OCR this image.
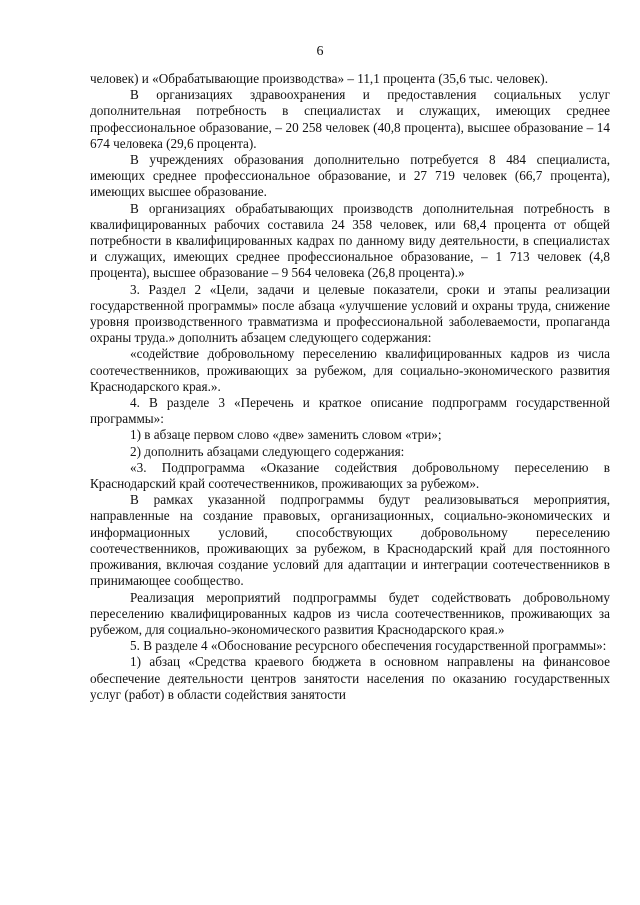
6

человек) и «Обрабатывающие производства» – 11,1 процента (35,6 тыс. человек).

В организациях здравоохранения и предоставления социальных услуг дополнительная потребность в специалистах и служащих, имеющих среднее профессиональное образование, – 20 258 человек (40,8 процента), высшее образование – 14 674 человека (29,6 процента).

В учреждениях образования дополнительно потребуется 8 484 специалиста, имеющих среднее профессиональное образование, и 27 719 человек (66,7 процента), имеющих высшее образование.

В организациях обрабатывающих производств дополнительная потребность в квалифицированных рабочих составила 24 358 человек, или 68,4 процента от общей потребности в квалифицированных кадрах по данному виду деятельности, в специалистах и служащих, имеющих среднее профессиональное образование, – 1 713 человек (4,8 процента), высшее образование – 9 564 человека (26,8 процента).»

3. Раздел 2 «Цели, задачи и целевые показатели, сроки и этапы реализации государственной программы» после абзаца «улучшение условий и охраны труда, снижение уровня производственного травматизма и профессиональной заболеваемости, пропаганда охраны труда.» дополнить абзацем следующего содержания:

«содействие добровольному переселению квалифицированных кадров из числа соотечественников, проживающих за рубежом, для социально-экономического развития Краснодарского края.».

4. В разделе 3 «Перечень и краткое описание подпрограмм государственной программы»:

1) в абзаце первом слово «две» заменить словом «три»;

2) дополнить абзацами следующего содержания:

«3. Подпрограмма «Оказание содействия добровольному переселению в Краснодарский край соотечественников, проживающих за рубежом».

В рамках указанной подпрограммы будут реализовываться мероприятия, направленные на создание правовых, организационных, социально-экономических и информационных условий, способствующих добровольному переселению соотечественников, проживающих за рубежом, в Краснодарский край для постоянного проживания, включая создание условий для адаптации и интеграции соотечественников в принимающее сообщество.

Реализация мероприятий подпрограммы будет содействовать добровольному переселению квалифицированных кадров из числа соотечественников, проживающих за рубежом, для социально-экономического развития Краснодарского края.»

5. В разделе 4 «Обоснование ресурсного обеспечения государственной программы»:

1) абзац «Средства краевого бюджета в основном направлены на финансовое обеспечение деятельности центров занятости населения по оказанию государственных услуг (работ) в области содействия занятости
